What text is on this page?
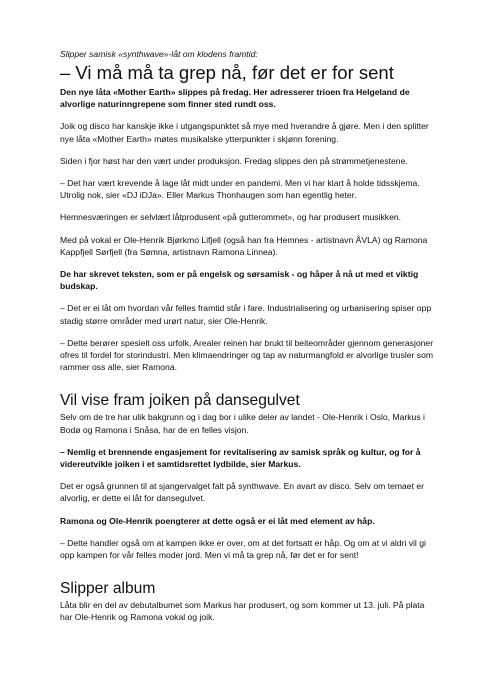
Slipper samisk «synthwave»-låt om klodens framtid:
– Vi må må ta grep nå, før det er for sent

Den nye låta «Mother Earth» slippes på fredag. Her adresserer trioen fra Helgeland de alvorlige naturinngrepene som finner sted rundt oss.

Joik og disco har kanskje ikke i utgangspunktet så mye med hverandre å gjøre. Men i den splitter nye låta «Mother Earth» møtes musikalske ytterpunkter i skjønn forening.

Siden i fjor høst har den vært under produksjon. Fredag slippes den på strømmetjenestene.

– Det har vært krevende å lage låt midt under en pandemi. Men vi har klart å holde tidsskjema. Utrolig nok, sier «DJ iDJa». Eller Markus Thonhaugen som han egentlig heter.

Hemnesværingen er selvlært låtprodusent «på gutterommet», og har produsert musikken.

Med på vokal er Ole-Henrik Bjørkmo Lifjell (også han fra Hemnes - artistnavn ÅVLA) og Ramona Kappfjell Sørfjell (fra Sømna, artistnavn Ramona Linnea).

De har skrevet teksten, som er på engelsk og sørsamisk - og håper å nå ut med et viktig budskap.

– Det er ei låt om hvordan vår felles framtid står i fare. Industrialisering og urbanisering spiser opp stadig større områder med urørt natur, sier Ole-Henrik.

– Dette berører spesielt oss urfolk. Arealer reinen har brukt til beiteområder gjennom generasjoner ofres til fordel for storindustri. Men klimaendringer og tap av naturmangfold er alvorlige trusler som rammer oss alle, sier Ramona.

Vil vise fram joiken på dansegulvet

Selv om de tre har ulik bakgrunn og i dag bor i ulike deler av landet - Ole-Henrik i Oslo, Markus i Bodø og Ramona i Snåsa, har de en felles visjon.

– Nemlig et brennende engasjement for revitalisering av samisk språk og kultur, og for å videreutvikle joiken i et samtidsrettet lydbilde, sier Markus.

Det er også grunnen til at sjangervalget falt på synthwave. En avart av disco. Selv om temaet er alvorlig, er dette ei låt for dansegulvet.

Ramona og Ole-Henrik poengterer at dette også er ei låt med element av håp.

– Dette handler også om at kampen ikke er over, om at det fortsatt er håp. Og om at vi aldri vil gi opp kampen for vår felles moder jord. Men vi må ta grep nå, før det er for sent!

Slipper album

Låta blir en del av debutalbumet som Markus har produsert, og som kommer ut 13. juli. På plata har Ole-Henrik og Ramona vokal og joik.
